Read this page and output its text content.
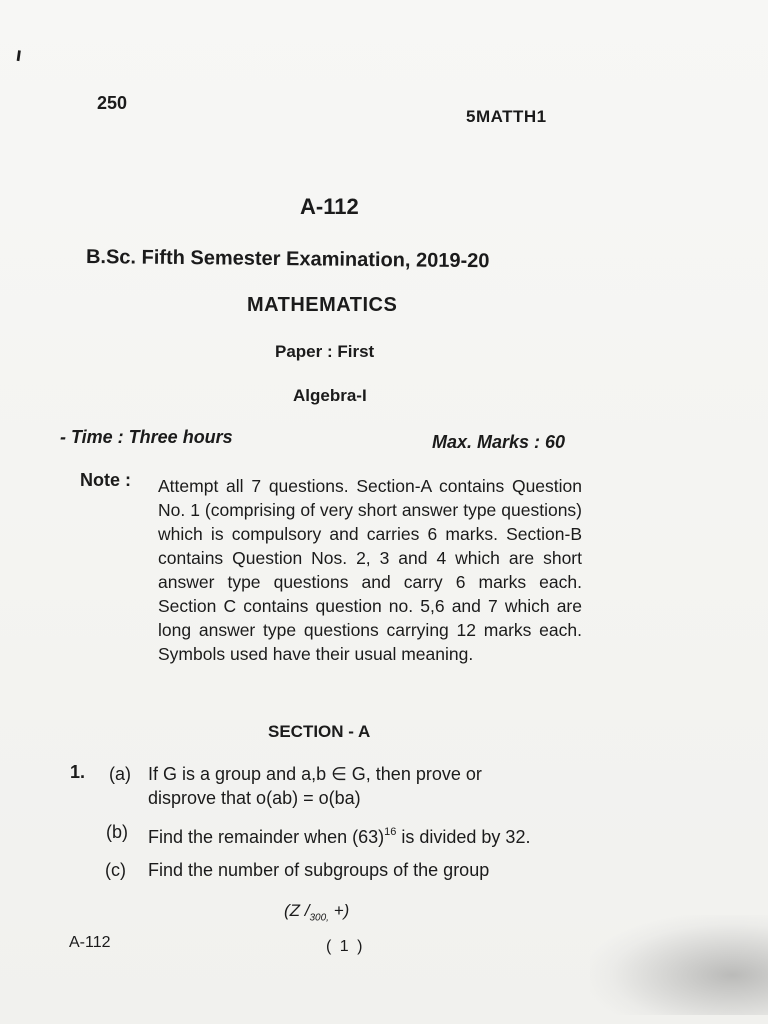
ı
250
5MATTH1
A-112
B.Sc. Fifth Semester Examination, 2019-20
MATHEMATICS
Paper : First
Algebra-I
- Time : Three hours	Max. Marks : 60
Note : Attempt all 7 questions. Section-A contains Question No. 1 (comprising of very short answer type questions) which is compulsory and carries 6 marks. Section-B contains Question Nos. 2, 3 and 4 which are short answer type questions and carry 6 marks each. Section C contains question no. 5,6 and 7 which are long answer type questions carrying 12 marks each. Symbols used have their usual meaning.
SECTION - A
1. (a) If G is a group and a,b ∈ G, then prove or
disprove that o(ab) = o(ba)
(b) Find the remainder when $(63)^{16}$ is divided by 32.
(c) Find the number of subgroups of the group
(Z $/_{300,}$ +)
A-112	( 1 )
